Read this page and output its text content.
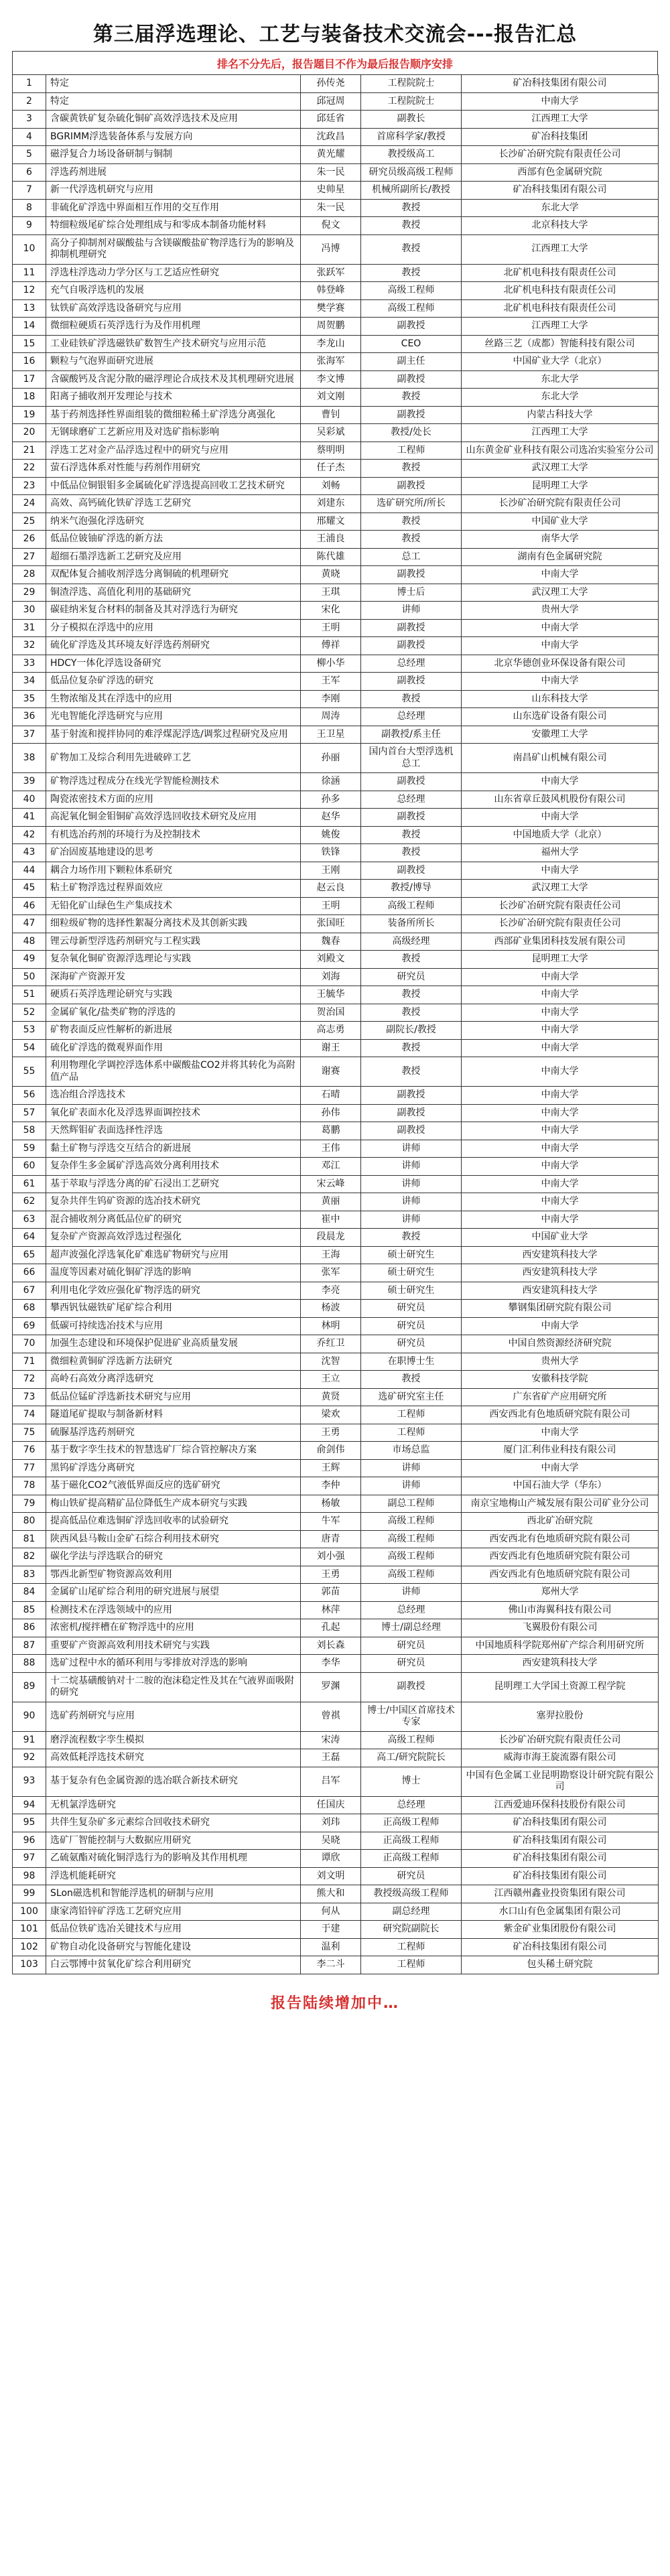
第三届浮选理论、工艺与装备技术交流会---报告汇总
排名不分先后，报告题目不作为最后报告顺序安排
1	特定	孙传尧	工程院院士	矿冶科技集团有限公司
2	特定	邱冠周	工程院院士	中南大学
3	含碳黄铁矿复杂硫化铜矿高效浮选技术及应用	邱廷省	副教长	江西理工大学
4	BGRIMM浮选装备体系与发展方向	沈政昌	首席科学家/教授	矿冶科技集团
5	磁浮复合力场设备研制与铜制	黄光耀	教授级高工	长沙矿冶研究院有限责任公司
6	浮选药剂进展	朱一民	研究员级高级工程师	西部有色金属研究院
7	新一代浮选机研究与应用	史帅星	机械所副所长/教授	矿冶科技集团有限公司
8	非硫化矿浮选中界面相互作用的交互作用	朱一民	教授	东北大学
9	特细粒级尾矿综合处理组成与和零成本制备功能材料	倪文	教授	北京科技大学
10	高分子抑制剂对碳酸盐与含镁碳酸盐矿物浮选行为的影响及抑制机理研究	冯博	教授	江西理工大学
11	浮选柱浮选动力学分区与工艺适应性研究	张跃军	教授	北矿机电科技有限责任公司
12	充气自吸浮选机的发展	韩登峰	高级工程师	北矿机电科技有限责任公司
13	钛铁矿高效浮选设备研究与应用	樊学赛	高级工程师	北矿机电科技有限责任公司
14	微细粒硬质石英浮选行为及作用机理	周贺鹏	副教授	江西理工大学
15	工业硅铁矿浮选磁铁矿数智生产技术研究与应用示范	李龙山	CEO	丝路三艺（成都）智能科技有限公司
16	颗粒与气泡界面研究进展	张海军	副主任	中国矿业大学（北京）
17	含碳酸钙及含泥分散的磁浮理论合成技术及其机理研究进展	李文博	副教授	东北大学
18	阳离子捕收剂开发理论与技术	刘文刚	教授	东北大学
19	基于药剂选择性界面组装的微细粒稀土矿浮选分离强化	曹钊	副教授	内蒙古科技大学
20	无钢球磨矿工艺新应用及对选矿指标影响	吴彩斌	教授/处长	江西理工大学
21	浮选工艺对金产品浮选过程中的研究与应用	蔡明明	工程师	山东黄金矿业科技有限公司选冶实验室分公司
22	萤石浮选体系对性能与药剂作用研究	任子杰	教授	武汉理工大学
23	中低品位铜银钼多金属硫化矿浮选提高回收工艺技术研究	刘畅	副教授	昆明理工大学
24	高效、高钙硫化铁矿浮选工艺研究	刘建东	选矿研究所/所长	长沙矿冶研究院有限责任公司
25	纳米气泡强化浮选研究	邢耀文	教授	中国矿业大学
26	低品位铍铀矿浮选的新方法	王浦良	教授	南华大学
27	超细石墨浮选新工艺研究及应用	陈代雄	总工	湖南有色金属研究院
28	双配体复合捕收剂浮选分离铜硫的机理研究	黄晓	副教授	中南大学
29	铜渣浮选、高值化利用的基础研究	王琪	博士后	武汉理工大学
30	碳硅纳米复合材料的制备及其对浮选行为研究	宋化	讲师	贵州大学
31	分子模拟在浮选中的应用	王明	副教授	中南大学
32	硫化矿浮选及其环境友好浮选药剂研究	傅祥	副教授	中南大学
33	HDCY一体化浮选设备研究	柳小华	总经理	北京华德创业环保设备有限公司
34	低品位复杂矿浮选的研究	王军	副教授	中南大学
35	生物浓缩及其在浮选中的应用	李刚	教授	山东科技大学
36	光电智能化浮选研究与应用	周涛	总经理	山东选矿设备有限公司
37	基于射流和搅拌协同的难浮煤泥浮选/调浆过程研究及应用	王卫星	副教授/系主任	安徽理工大学
38	矿物加工及综合利用先进破碎工艺	孙丽	国内首台大型浮选机总工	南昌矿山机械有限公司
39	矿物浮选过程成分在线光学智能检测技术	徐涵	副教授	中南大学
40	陶瓷浓密技术方面的应用	孙多	总经理	山东省章丘鼓风机股份有限公司
41	高泥氧化铜金钼铜矿高效浮选回收技术研究及应用	赵华	副教授	中南大学
42	有机选冶药剂的环境行为及控制技术	姚俊	教授	中国地质大学（北京）
43	矿冶固废基地建设的思考	铁锋	教授	福州大学
44	耦合力场作用下颗粒体系研究	王刚	副教授	中南大学
45	粘土矿物浮选过程界面效应	赵云良	教授/博导	武汉理工大学
46	无铅化矿山绿色生产集成技术	王明	高级工程师	长沙矿冶研究院有限责任公司
47	细粒级矿物的选择性絮凝分离技术及其创新实践	张国旺	装备所所长	长沙矿冶研究院有限责任公司
48	锂云母新型浮选药剂研究与工程实践	魏春	高级经理	西部矿业集团科技发展有限公司
49	复杂氧化铜矿资源浮选理论与实践	刘殿文	教授	昆明理工大学
50	深海矿产资源开发	刘海	研究员	中南大学
51	硬质石英浮选理论研究与实践	王毓华	教授	中南大学
52	金属矿氧化/盐类矿物的浮选的	贺治国	教授	中南大学
53	矿物表面反应性解析的新进展	高志勇	副院长/教授	中南大学
54	硫化矿浮选的微观界面作用	谢王	教授	中南大学
55	利用物理化学调控浮选体系中碳酸盐CO2并将其转化为高附值产品	谢赛	教授	中南大学
56	选冶组合浮选技术	石晴	副教授	中南大学
57	氧化矿表面水化及浮选界面调控技术	孙伟	副教授	中南大学
58	天然辉钼矿表面选择性浮选	葛鹏	副教授	中南大学
59	黏土矿物与浮选交互结合的新进展	王伟	讲师	中南大学
60	复杂伴生多金属矿浮选高效分离利用技术	邓江	讲师	中南大学
61	基于萃取与浮选分离的矿石浸出工艺研究	宋云峰	讲师	中南大学
62	复杂共伴生钨矿资源的选冶技术研究	黄丽	讲师	中南大学
63	混合捕收剂分离低品位矿的研究	崔中	讲师	中南大学
64	复杂矿产资源高效浮选过程强化	段晨龙	教授	中国矿业大学
65	超声波强化浮选氧化矿难选矿物研究与应用	王海	硕士研究生	西安建筑科技大学
66	温度等因素对硫化铜矿浮选的影响	张军	硕士研究生	西安建筑科技大学
67	利用电化学效应强化矿物浮选的研究	李亮	硕士研究生	西安建筑科技大学
68	攀西钒钛磁铁矿尾矿综合利用	杨波	研究员	攀钢集团研究院有限公司
69	低碳可持续选冶技术与应用	林明	研究员	中南大学
70	加强生态建设和环境保护促进矿业高质量发展	乔红卫	研究员	中国自然资源经济研究院
71	微细粒黄铜矿浮选新方法研究	沈智	在职博士生	贵州大学
72	高岭石高效分离浮选研究	王立	教授	安徽科技学院
73	低品位锰矿浮选新技术研究与应用	黄贤	选矿研究室主任	广东省矿产应用研究所
74	隧道尾矿提取与制备新材料	梁欢	工程师	西安西北有色地质研究院有限公司
75	硫脲基浮选药剂研究	王勇	工程师	中南大学
76	基于数字孪生技术的智慧选矿厂综合管控解决方案	俞剑伟	市场总监	厦门汇利伟业科技有限公司
77	黑钨矿浮选分离研究	王辉	讲师	中南大学
78	基于磁化CO2气液低界面反应的选矿研究	李仲	讲师	中国石油大学（华东）
79	梅山铁矿提高精矿品位降低生产成本研究与实践	杨敏	副总工程师	南京宝地梅山产城发展有限公司矿业分公司
80	提高低品位难选铜矿浮选回收率的试验研究	牛军	高级工程师	西北矿冶研究院
81	陕西风县马鞍山金矿石综合利用技术研究	唐青	高级工程师	西安西北有色地质研究院有限公司
82	碳化学法与浮选联合的研究	刘小强	高级工程师	西安西北有色地质研究院有限公司
83	鄂西北新型矿物资源高效利用	王勇	高级工程师	西安西北有色地质研究院有限公司
84	金属矿山尾矿综合利用的研究进展与展望	郭苗	讲师	郑州大学
85	检测技术在浮选领域中的应用	林萍	总经理	佛山市海翼科技有限公司
86	浓密机/搅拌槽在矿物浮选中的应用	孔起	博士/副总经理	飞翼股份有限公司
87	重要矿产资源高效利用技术研究与实践	刘长森	研究员	中国地质科学院郑州矿产综合利用研究所
88	选矿过程中水的循环利用与零排放对浮选的影响	李华	研究员	西安建筑科技大学
89	十二烷基磺酸钠对十二胺的泡沫稳定性及其在气液界面吸附的研究	罗渊	副教授	昆明理工大学国土资源工程学院
90	选矿药剂研究与应用	曾祺	博士/中国区首席技术专家	塞羿拉股份
91	磨浮流程数字孪生模拟	宋涛	高级工程师	长沙矿冶研究院有限责任公司
92	高效低耗浮选技术研究	王磊	高工/研究院院长	威海市海王旋流器有限公司
93	基于复杂有色金属资源的选冶联合新技术研究	吕军	博士	中国有色金属工业昆明勘察设计研究院有限公司
94	无机氯浮选研究	任国庆	总经理	江西爱迪环保科技股份有限公司
95	共伴生复杂矿多元素综合回收技术研究	刘玮	正高级工程师	矿冶科技集团有限公司
96	选矿厂智能控制与大数据应用研究	吴晓	正高级工程师	矿冶科技集团有限公司
97	乙硫氨酯对硫化铜浮选行为的影响及其作用机理	谭欣	正高级工程师	矿冶科技集团有限公司
98	浮选机能耗研究	刘文明	研究员	矿冶科技集团有限公司
99	SLon磁选机和智能浮选机的研制与应用	熊大和	教授级高级工程师	江西赣州鑫业投资集团有限公司
100	康家湾铅锌矿浮选工艺研究应用	何从	副总经理	水口山有色金属集团有限公司
101	低品位铁矿选冶关键技术与应用	于建	研究院副院长	紫金矿业集团股份有限公司
102	矿物自动化设备研究与智能化建设	温利	工程师	矿冶科技集团有限公司
103	白云鄂博中贫氧化矿综合利用研究	李二斗	工程师	包头稀土研究院
报告陆续增加中…
